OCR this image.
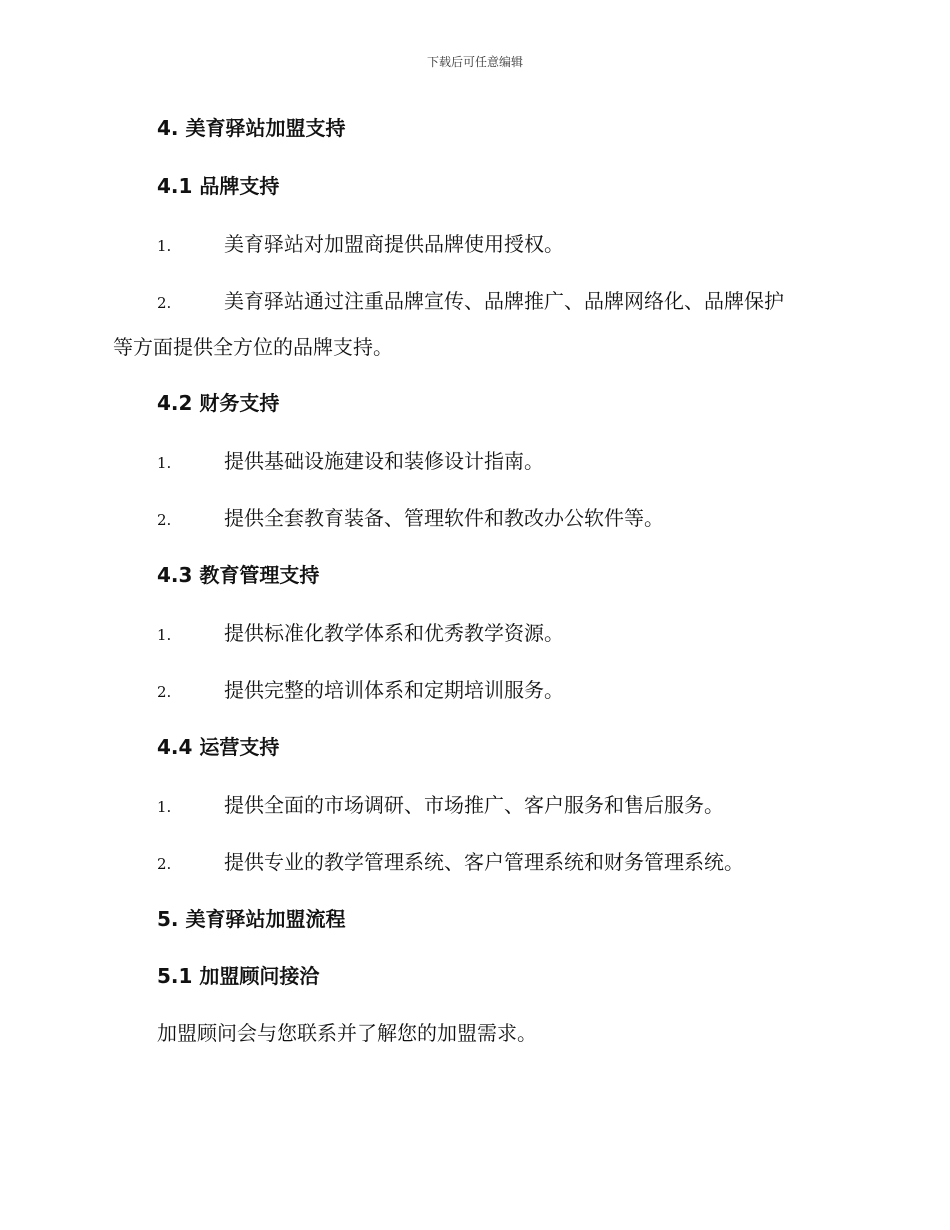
下载后可任意编辑
4. 美育驿站加盟支持
4.1 品牌支持
1.	美育驿站对加盟商提供品牌使用授权。
2.	美育驿站通过注重品牌宣传、品牌推广、品牌网络化、品牌保护
等方面提供全方位的品牌支持。
4.2 财务支持
1.	提供基础设施建设和装修设计指南。
2.	提供全套教育装备、管理软件和教改办公软件等。
4.3 教育管理支持
1.	提供标准化教学体系和优秀教学资源。
2.	提供完整的培训体系和定期培训服务。
4.4 运营支持
1.	提供全面的市场调研、市场推广、客户服务和售后服务。
2.	提供专业的教学管理系统、客户管理系统和财务管理系统。
5. 美育驿站加盟流程
5.1 加盟顾问接洽
加盟顾问会与您联系并了解您的加盟需求。
